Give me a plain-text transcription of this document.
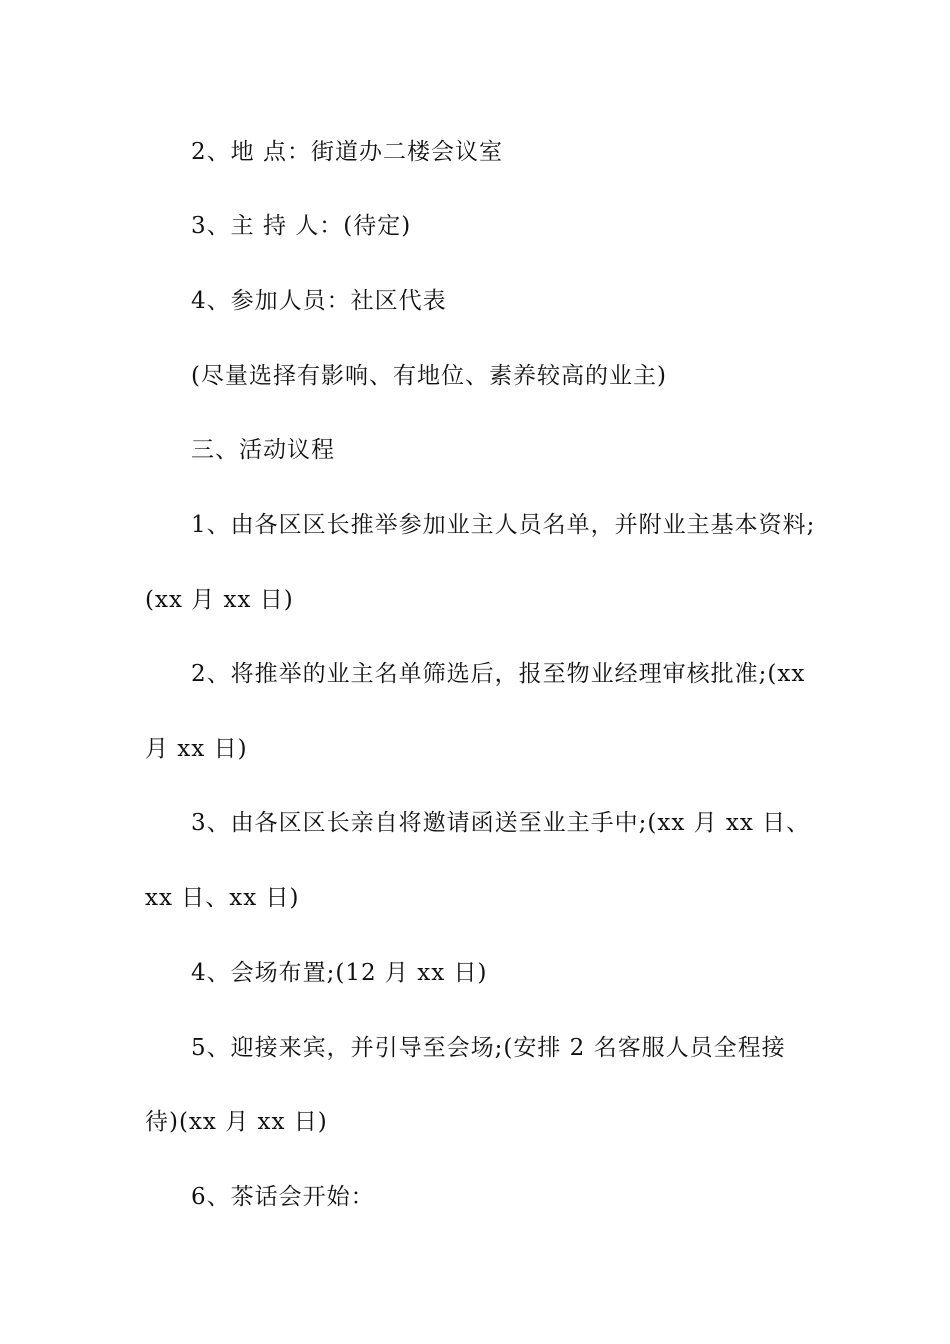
2、地 点：街道办二楼会议室
3、主 持 人：(待定)
4、参加人员：社区代表
(尽量选择有影响、有地位、素养较高的业主)
三、活动议程
1、由各区区长推举参加业主人员名单，并附业主基本资料;
(xx 月 xx 日)
2、将推举的业主名单筛选后，报至物业经理审核批准;(xx
月 xx 日)
3、由各区区长亲自将邀请函送至业主手中;(xx 月 xx 日、
xx 日、xx 日)
4、会场布置;(12 月 xx 日)
5、迎接来宾，并引导至会场;(安排 2 名客服人员全程接
待)(xx 月 xx 日)
6、茶话会开始：
